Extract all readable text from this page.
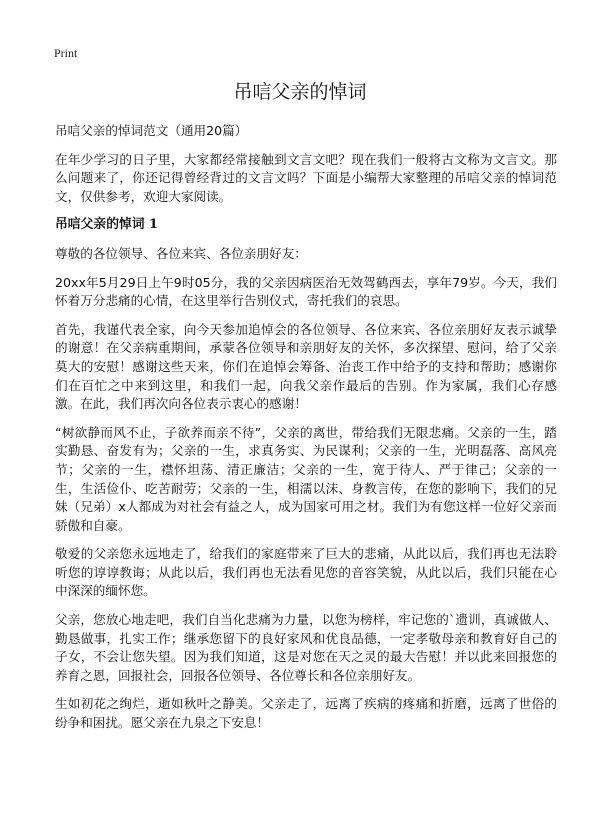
Print
吊唁父亲的悼词

吊唁父亲的悼词范文（通用20篇）

在年少学习的日子里，大家都经常接触到文言文吧？现在我们一般将古文称为文言文。那么问题来了，你还记得曾经背过的文言文吗？下面是小编帮大家整理的吊唁父亲的悼词范文，仅供参考，欢迎大家阅读。

吊唁父亲的悼词 1

尊敬的各位领导、各位来宾、各位亲朋好友：

20xx年5月29日上午9时05分，我的父亲因病医治无效驾鹤西去，享年79岁。今天，我们怀着万分悲痛的心情，在这里举行告别仪式，寄托我们的哀思。

首先，我谨代表全家，向今天参加追悼会的各位领导、各位来宾、各位亲朋好友表示诚挚的谢意！在父亲病重期间，承蒙各位领导和亲朋好友的关怀，多次探望、慰问，给了父亲莫大的安慰！感谢这些天来，你们在追悼会筹备、治丧工作中给予的支持和帮助；感谢你们在百忙之中来到这里，和我们一起，向我父亲作最后的告别。作为家属，我们心存感激。在此，我们再次向各位表示衷心的感谢！

“树欲静而风不止，子欲养而亲不待”，父亲的离世，带给我们无限悲痛。父亲的一生，踏实勤恳、奋发有为；父亲的一生，求真务实、为民谋利；父亲的一生，光明磊落、高风亮节；父亲的一生，襟怀坦荡、清正廉洁；父亲的一生，宽于待人、严于律己；父亲的一生，生活俭仆、吃苦耐劳；父亲的一生，相濡以沫、身教言传，在您的影响下，我们的兄妹（兄弟）x人都成为对社会有益之人，成为国家可用之材。我们为有您这样一位好父亲而骄傲和自豪。

敬爱的父亲您永远地走了，给我们的家庭带来了巨大的悲痛，从此以后，我们再也无法聆听您的谆谆教诲；从此以后，我们再也无法看见您的音容笑貌，从此以后，我们只能在心中深深的缅怀您。

父亲，您放心地走吧，我们自当化悲痛为力量，以您为榜样，牢记您的`遗训，真诚做人、勤恳做事，扎实工作；继承您留下的良好家风和优良品德，一定孝敬母亲和教育好自己的子女，不会让您失望。因为我们知道，这是对您在天之灵的最大告慰！并以此来回报您的养育之恩，回报社会，回报各位领导、各位尊长和各位亲朋好友。

生如初花之绚烂，逝如秋叶之静美。父亲走了，远离了疾病的疼痛和折磨，远离了世俗的纷争和困扰。愿父亲在九泉之下安息！
